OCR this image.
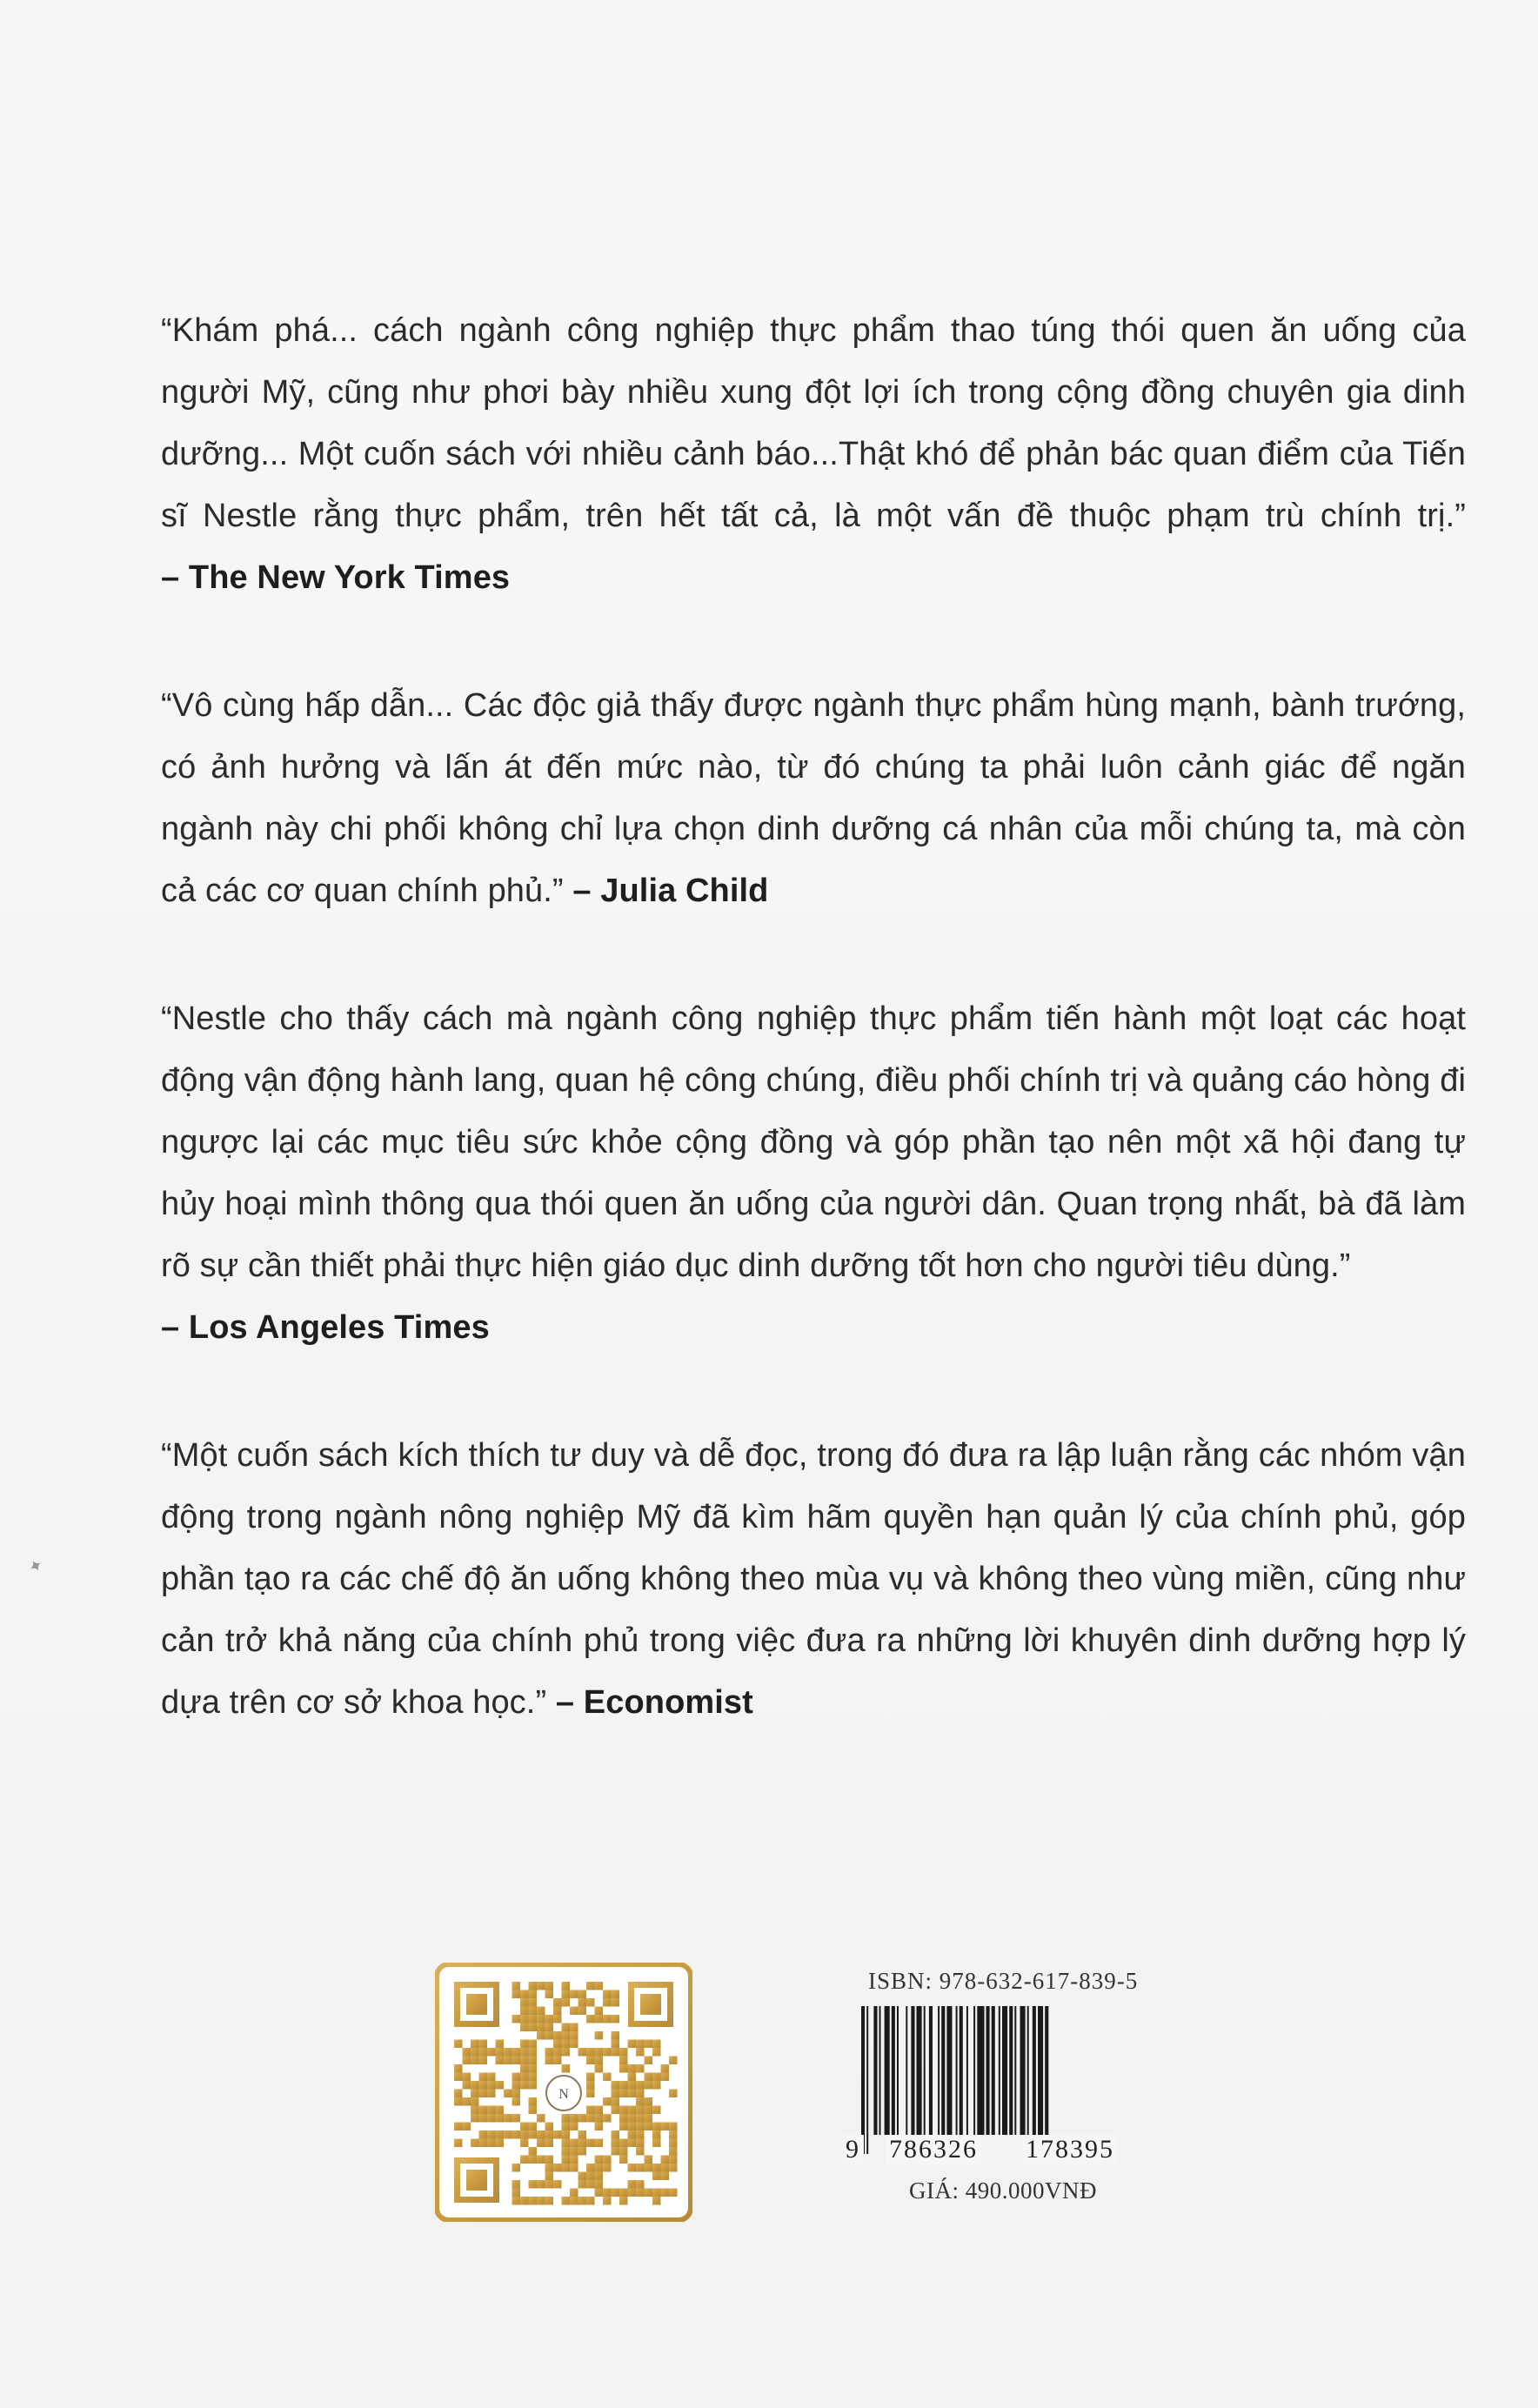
“Khám phá... cách ngành công nghiệp thực phẩm thao túng thói quen ăn uống của người Mỹ, cũng như phơi bày nhiều xung đột lợi ích trong cộng đồng chuyên gia dinh dưỡng... Một cuốn sách với nhiều cảnh báo...Thật khó để phản bác quan điểm của Tiến sĩ Nestle rằng thực phẩm, trên hết tất cả, là một vấn đề thuộc phạm trù chính trị.” – The New York Times

“Vô cùng hấp dẫn... Các độc giả thấy được ngành thực phẩm hùng mạnh, bành trướng, có ảnh hưởng và lấn át đến mức nào, từ đó chúng ta phải luôn cảnh giác để ngăn ngành này chi phối không chỉ lựa chọn dinh dưỡng cá nhân của mỗi chúng ta, mà còn cả các cơ quan chính phủ.” – Julia Child

“Nestle cho thấy cách mà ngành công nghiệp thực phẩm tiến hành một loạt các hoạt động vận động hành lang, quan hệ công chúng, điều phối chính trị và quảng cáo hòng đi ngược lại các mục tiêu sức khỏe cộng đồng và góp phần tạo nên một xã hội đang tự hủy hoại mình thông qua thói quen ăn uống của người dân. Quan trọng nhất, bà đã làm rõ sự cần thiết phải thực hiện giáo dục dinh dưỡng tốt hơn cho người tiêu dùng.”
– Los Angeles Times

“Một cuốn sách kích thích tư duy và dễ đọc, trong đó đưa ra lập luận rằng các nhóm vận động trong ngành nông nghiệp Mỹ đã kìm hãm quyền hạn quản lý của chính phủ, góp phần tạo ra các chế độ ăn uống không theo mùa vụ và không theo vùng miền, cũng như cản trở khả năng của chính phủ trong việc đưa ra những lời khuyên dinh dưỡng hợp lý dựa trên cơ sở khoa học.” – Economist

✦
N
ISBN: 978-632-617-839-5
9 786326 178395
GIÁ: 490.000VNĐ
